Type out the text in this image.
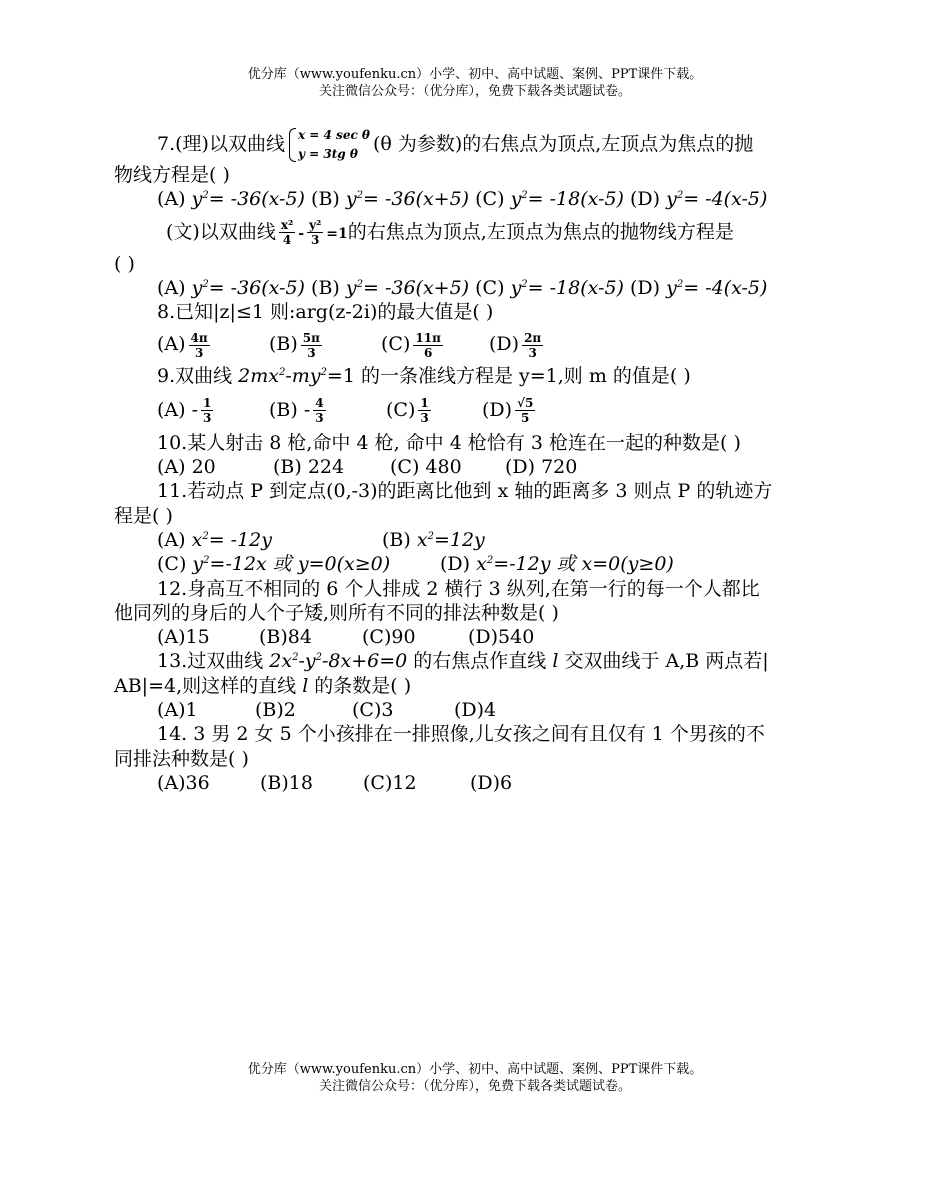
优分库（www.youfenku.cn）小学、初中、高中试题、案例、PPT课件下载。
关注微信公众号：（优分库），免费下载各类试题试卷。
7.(理)以双曲线 x = 4 sec θ
y = 3tg θ (θ 为参数)的右焦点为顶点,左顶点为焦点的抛
物线方程是( )
(A) $y^2= -36(x-5)$ (B) $y^2= -36(x+5)$ (C) $y^2= -18(x-5)$ (D) $y^2= -4(x-5)$
(文)以双曲线 $\frac{\text{x²}}{4} - \frac{\text{y²}}{3} =1$的右焦点为顶点,左顶点为焦点的抛物线方程是
( )
(A) $y^2= -36(x-5)$ (B) $y^2= -36(x+5)$ (C) $y^2= -18(x-5)$ (D) $y^2= -4(x-5)$
8.已知|z|≤1 则:arg(z-2i)的最大值是( )
$(A) \frac{4\pi}{3}$	$(B) \frac{5\pi}{3}$	$(C) \frac{11\pi}{6} (D) \frac{2\pi}{3}$
9.双曲线 $2mx^2-my^2=1$ 的一条准线方程是 y=1,则 m 的值是( )
$(A) - \frac{1}{3}$	$(B) - \frac{4}{3}$	$(C) \frac{1}{3}$	$(D) \frac{√5}{5}$
10.某人射击 8 枪,命中 4 枪, 命中 4 枪恰有 3 枪连在一起的种数是( )
(A) 20	(B) 224 (C) 480 (D) 720
11.若动点 P 到定点(0,-3)的距离比他到 x 轴的距离多 3 则点 P 的轨迹方
程是( )
(A) $x^2= -12y$	(B) $x^2=12y$
(C) $y^2=-12x$ 或 y=0(x≥0)	(D) $x^2=-12y$ 或 x=0(y≥0)
12.身高互不相同的 6 个人排成 2 横行 3 纵列,在第一行的每一个人都比
他同列的身后的人个子矮,则所有不同的排法种数是( )
(A)15	(B)84	(C)90	(D)540
13.过双曲线 $2x^2-y^2-8x+6=0$ 的右焦点作直线 l 交双曲线于 A,B 两点若|
AB|=4,则这样的直线 l 的条数是( )
(A)1	(B)2	(C)3	(D)4
14. 3 男 2 女 5 个小孩排在一排照像,儿女孩之间有且仅有 1 个男孩的不
同排法种数是( )
(A)36	(B)18	(C)12	(D)6
优分库（www.youfenku.cn）小学、初中、高中试题、案例、PPT课件下载。
关注微信公众号：（优分库），免费下载各类试题试卷。
